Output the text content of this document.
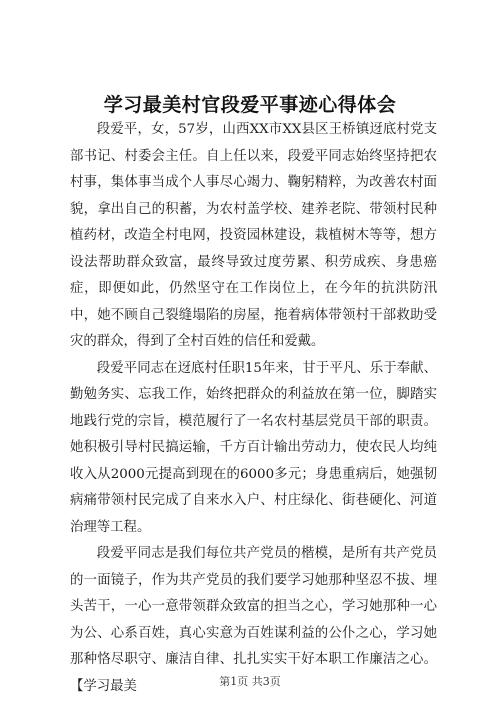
学习最美村官段爱平事迹心得体会

段爱平，女，57岁，山西XX市XX县区王桥镇迓底村党支部书记、村委会主任。自上任以来，段爱平同志始终坚持把农村事，集体事当成个人事尽心竭力、鞠躬精粹，为改善农村面貌，拿出自己的积蓄，为农村盖学校、建养老院、带领村民种植药材，改造全村电网，投资园林建设，栽植树木等等，想方设法帮助群众致富，最终导致过度劳累、积劳成疾、身患癌症，即便如此，仍然坚守在工作岗位上，在今年的抗洪防汛中，她不顾自己裂缝塌陷的房屋，拖着病体带领村干部救助受灾的群众，得到了全村百姓的信任和爱戴。

段爱平同志在迓底村任职15年来，甘于平凡、乐于奉献、勤勉务实、忘我工作，始终把群众的利益放在第一位，脚踏实地践行党的宗旨，模范履行了一名农村基层党员干部的职责。她积极引导村民搞运输，千方百计输出劳动力，使农民人均纯收入从2000元提高到现在的6000多元；身患重病后，她强韧病痛带领村民完成了自来水入户、村庄绿化、街巷硬化、河道治理等工程。

段爱平同志是我们每位共产党员的楷模，是所有共产党员的一面镜子，作为共产党员的我们要学习她那种坚忍不拔、埋头苦干，一心一意带领群众致富的担当之心，学习她那种一心为公、心系百姓，真心实意为百姓谋利益的公仆之心，学习她那种恪尽职守、廉洁自律、扎扎实实干好本职工作廉洁之心。【学习最美	第1页 共3页
